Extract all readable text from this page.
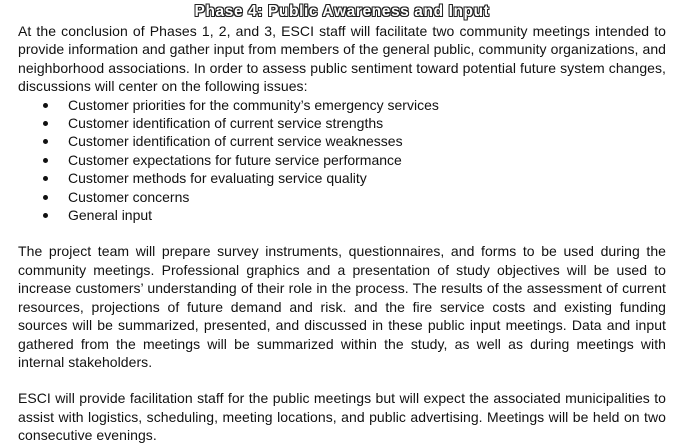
Phase 4: Public Awareness and Input

At the conclusion of Phases 1, 2, and 3, ESCI staff will facilitate two community meetings intended to provide information and gather input from members of the general public, community organizations, and neighborhood associations. In order to assess public sentiment toward potential future system changes, discussions will center on the following issues:

Customer priorities for the community’s emergency services
Customer identification of current service strengths
Customer identification of current service weaknesses
Customer expectations for future service performance
Customer methods for evaluating service quality
Customer concerns
General input

The project team will prepare survey instruments, questionnaires, and forms to be used during the community meetings. Professional graphics and a presentation of study objectives will be used to increase customers’ understanding of their role in the process. The results of the assessment of current resources, projections of future demand and risk. and the fire service costs and existing funding sources will be summarized, presented, and discussed in these public input meetings. Data and input gathered from the meetings will be summarized within the study, as well as during meetings with internal stakeholders.

ESCI will provide facilitation staff for the public meetings but will expect the associated municipalities to assist with logistics, scheduling, meeting locations, and public advertising. Meetings will be held on two consecutive evenings.
